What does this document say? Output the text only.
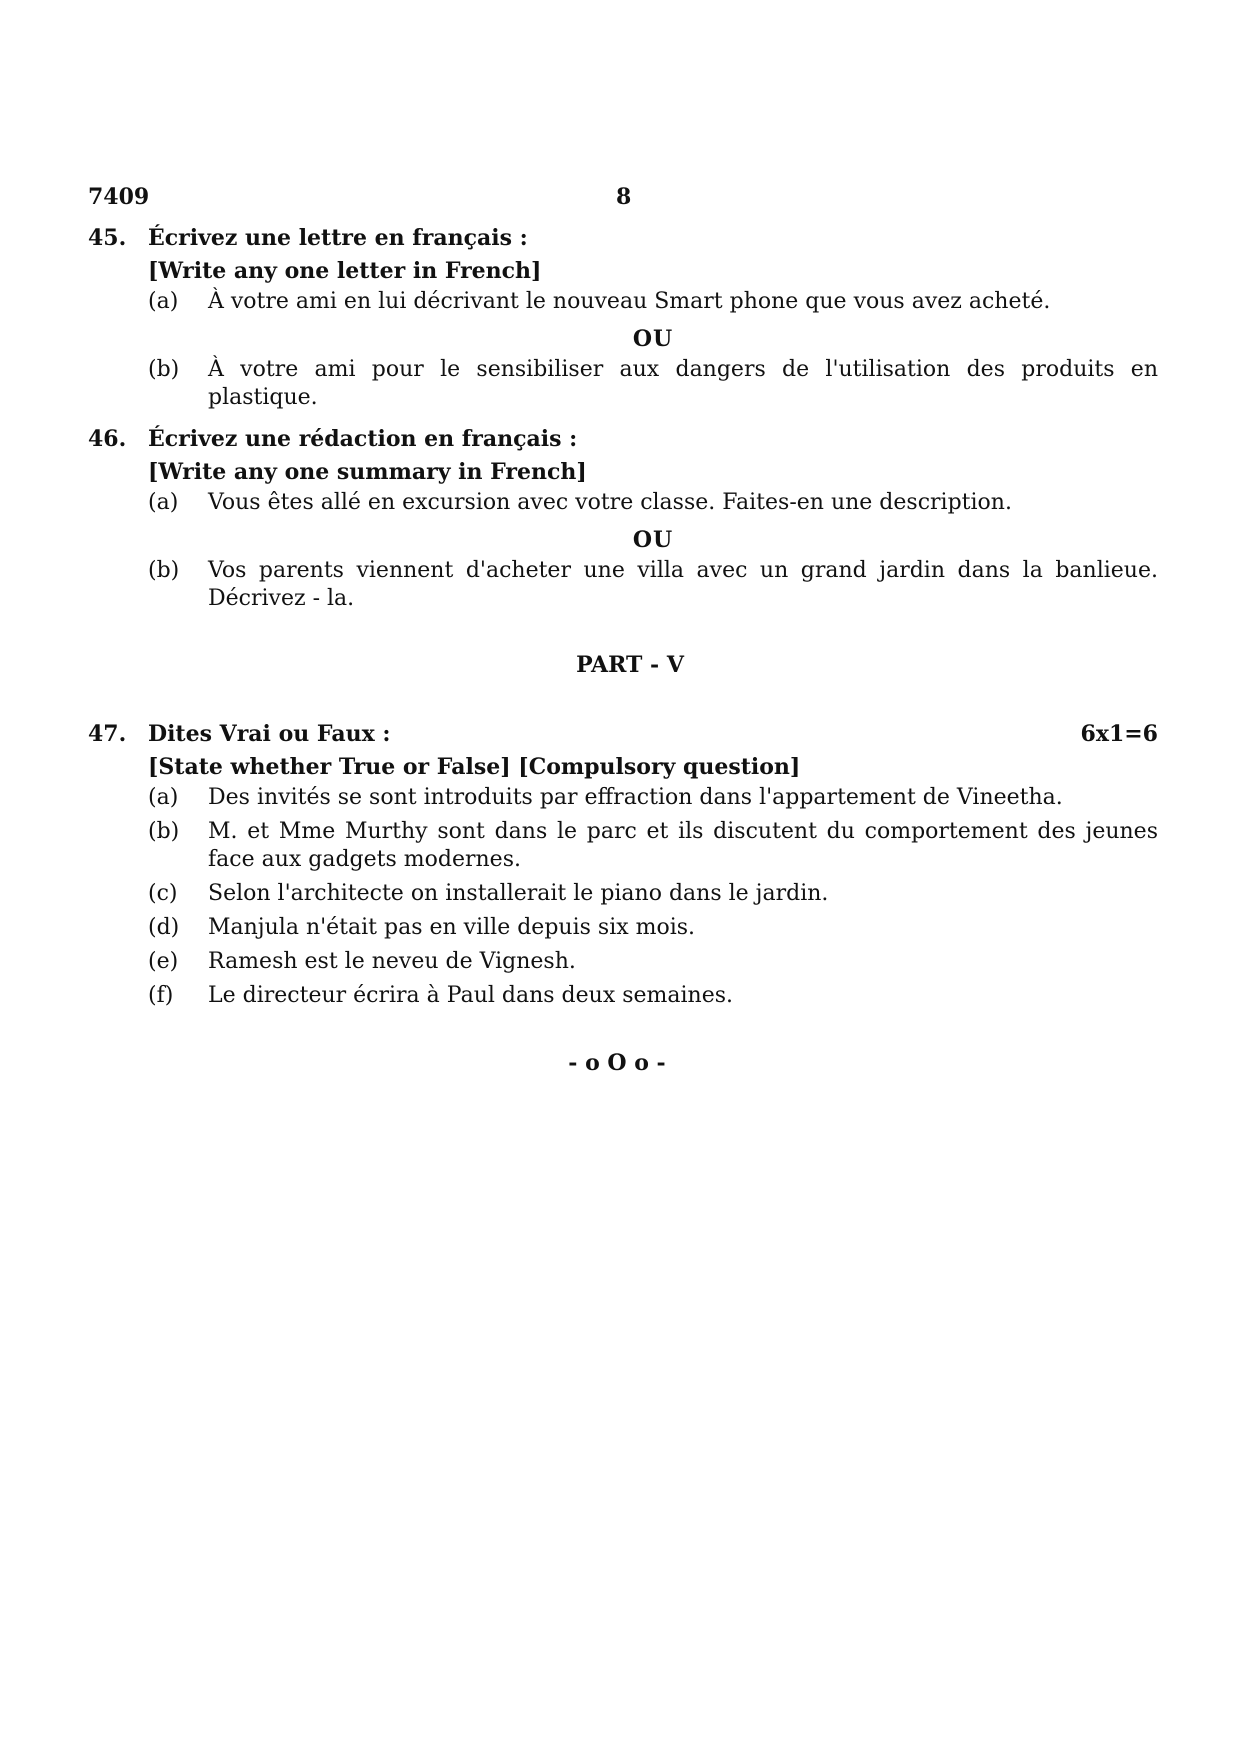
7409	8
45. Écrivez une lettre en français :
[Write any one letter in French]
(a) À votre ami en lui décrivant le nouveau Smart phone que vous avez acheté.
OU
(b) À votre ami pour le sensibiliser aux dangers de l'utilisation des produits en plastique.
46. Écrivez une rédaction en français :
[Write any one summary in French]
(a) Vous êtes allé en excursion avec votre classe. Faites-en une description.
OU
(b) Vos parents viennent d'acheter une villa avec un grand jardin dans la banlieue. Décrivez - la.
PART - V
47. Dites Vrai ou Faux :	6x1=6
[State whether True or False] [Compulsory question]
(a) Des invités se sont introduits par effraction dans l'appartement de Vineetha.
(b) M. et Mme Murthy sont dans le parc et ils discutent du comportement des jeunes face aux gadgets modernes.
(c) Selon l'architecte on installerait le piano dans le jardin.
(d) Manjula n'était pas en ville depuis six mois.
(e) Ramesh est le neveu de Vignesh.
(f) Le directeur écrira à Paul dans deux semaines.
- o O o -
